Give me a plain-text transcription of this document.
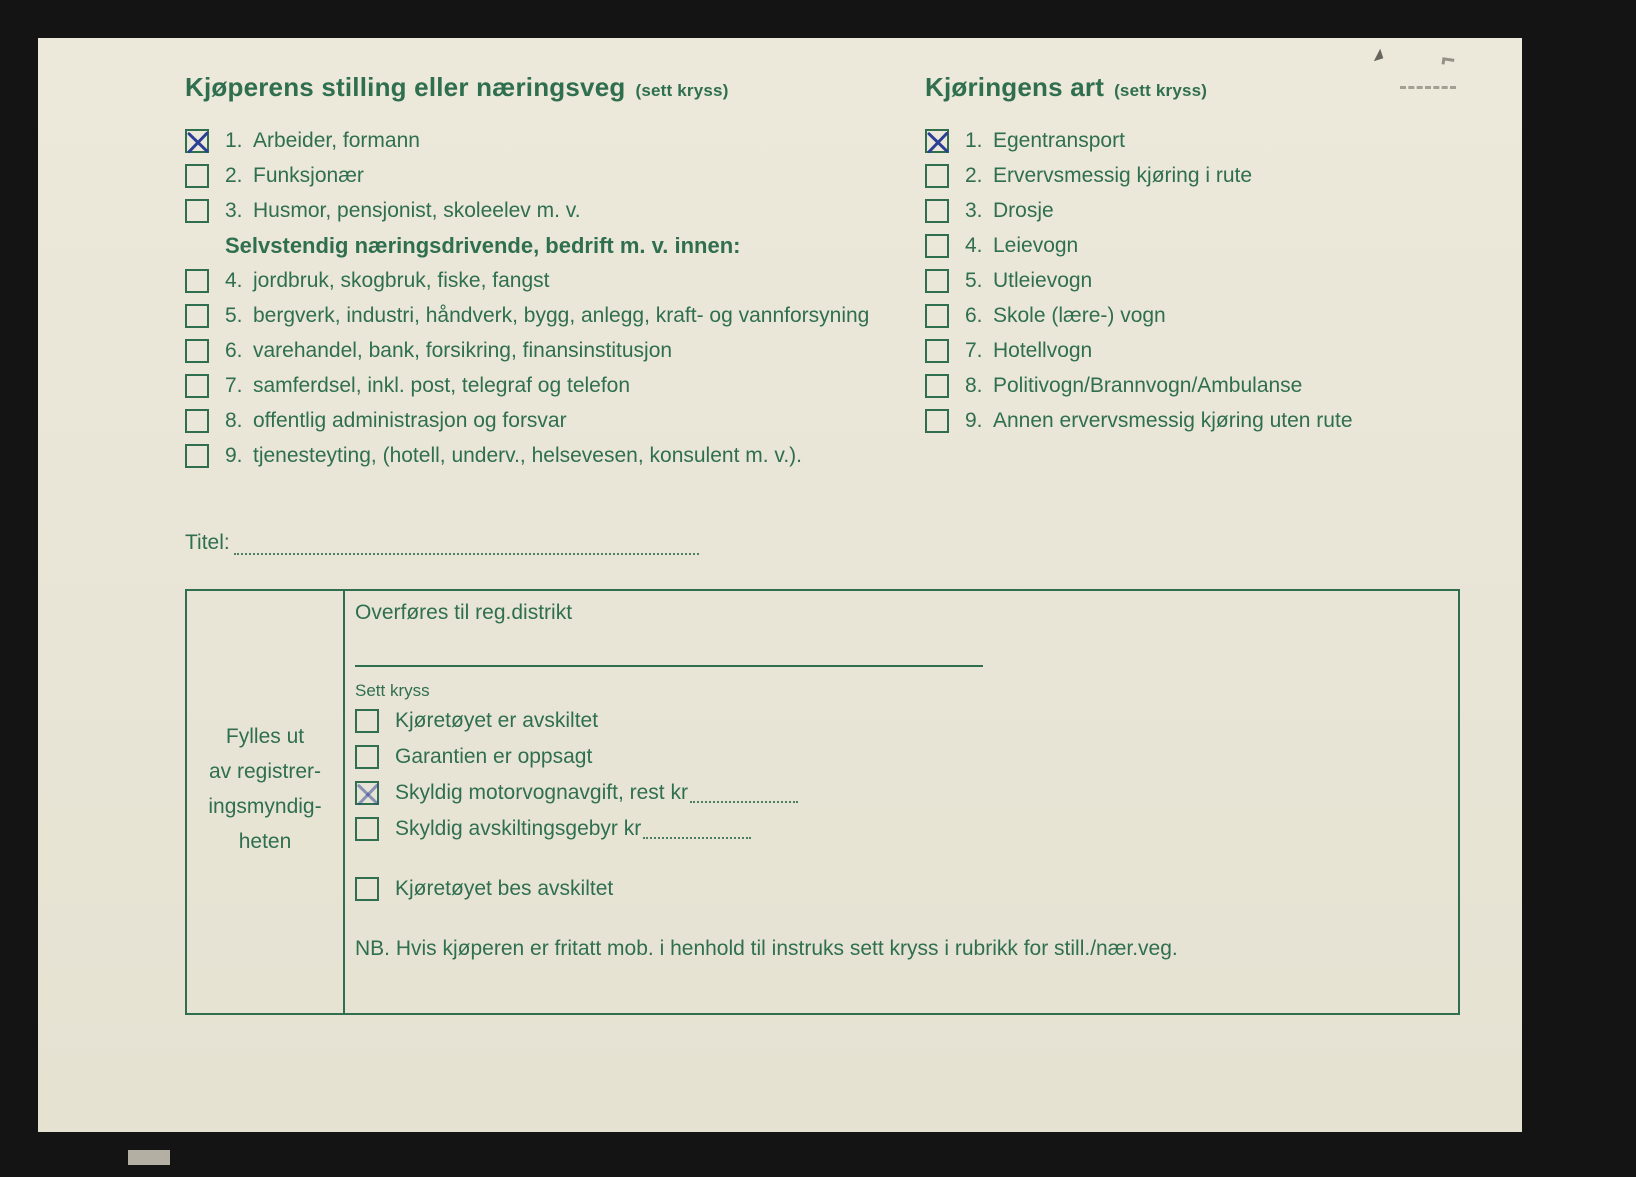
Kjøperens stilling eller næringsveg (sett kryss)
1. Arbeider, formann
2. Funksjonær
3. Husmor, pensjonist, skoleelev m. v.
Selvstendig næringsdrivende, bedrift m. v. innen:
4. jordbruk, skogbruk, fiske, fangst
5. bergverk, industri, håndverk, bygg, anlegg, kraft- og vannforsyning
6. varehandel, bank, forsikring, finansinstitusjon
7. samferdsel, inkl. post, telegraf og telefon
8. offentlig administrasjon og forsvar
9. tjenesteyting, (hotell, underv., helsevesen, konsulent m. v.).
Kjøringens art (sett kryss)
1. Egentransport
2. Ervervsmessig kjøring i rute
3. Drosje
4. Leievogn
5. Utleievogn
6. Skole (lære-) vogn
7. Hotellvogn
8. Politivogn/Brannvogn/Ambulanse
9. Annen ervervsmessig kjøring uten rute
Titel:
Fylles ut
av registrer-
ingsmyndig-
heten
Overføres til reg.distrikt
Sett kryss
Kjøretøyet er avskiltet
Garantien er oppsagt
Skyldig motorvognavgift, rest kr
Skyldig avskiltingsgebyr kr
Kjøretøyet bes avskiltet
NB. Hvis kjøperen er fritatt mob. i henhold til instruks sett kryss i rubrikk for still./nær.veg.
